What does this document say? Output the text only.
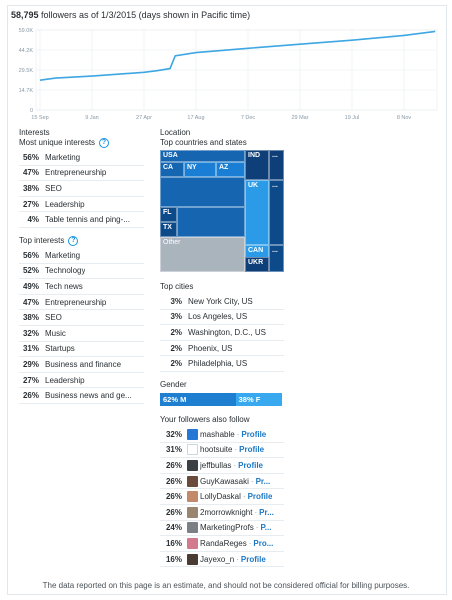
58,795 followers as of 1/3/2015 (days shown in Pacific time)
0
14.7K
29.5K
44.2K
59.0K
15 Sep	9 Jan	27 Apr	17 Aug	7 Dec	29 Mar	19 Jul	8 Nov
Interests
Most unique interests ?
56% Marketing
47% Entrepreneurship
38% SEO
27% Leadership
4% Table tennis and ping-...
Top interests ?
56% Marketing
52% Technology
49% Tech news
47% Entrepreneurship
38% SEO
32% Music
31% Startups
29% Business and finance
27% Leadership
26% Business news and ge...
Location
Top countries and states
USA
CA	NY	AZ
FL
TX
Other
IND	...
UK	...
CAN	...
UKR
Top cities
3% New York City, US
3% Los Angeles, US
2% Washington, D.C., US
2% Phoenix, US
2% Philadelphia, US
Gender
62% M	38% F
Your followers also follow
32% mashable · Profile
31% hootsuite · Profile
26% jeffbullas · Profile
26% GuyKawasaki · Pr...
26% LollyDaskal · Profile
26% 2morrowknight · Pr...
24% MarketingProfs · P...
16% RandaReges · Pro...
16% Jayexo_n · Profile
The data reported on this page is an estimate, and should not be considered official for billing purposes.
